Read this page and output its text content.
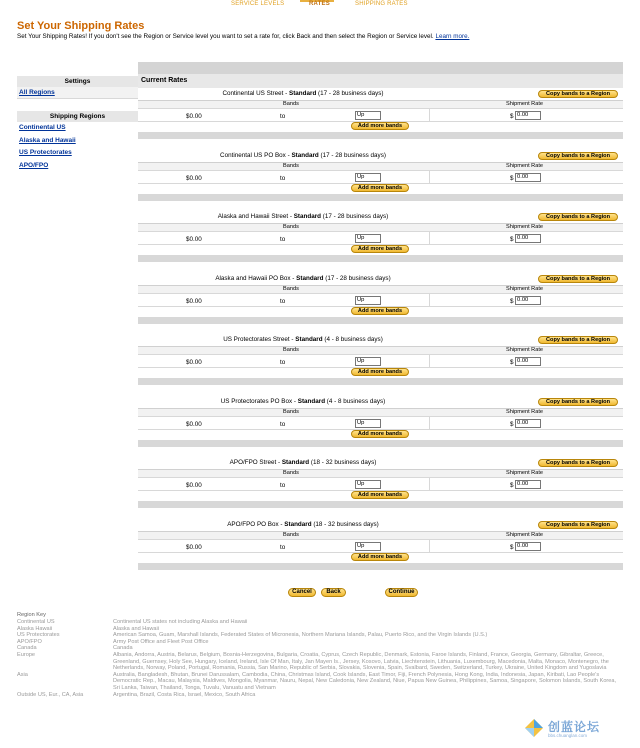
SERVICE LEVELS	RATES	SHIPPING RATES
Set Your Shipping Rates
Set Your Shipping Rates! If you don't see the Region or Service level you want to set a rate for, click Back and then select the Region or Service level. Learn more.
Settings
All Regions
Shipping Regions
Continental US
Alaska and Hawaii
US Protectorates
APO/FPO
Current Rates
Continental US Street - Standard (17 - 28 business days)	Copy bands to a Region
Bands	Shipment Rate
$0.00	to	Up	$ 0.00
Add more bands
Continental US PO Box - Standard (17 - 28 business days)	Copy bands to a Region
Bands	Shipment Rate
$0.00	to	Up	$ 0.00
Add more bands
Alaska and Hawaii Street - Standard (17 - 28 business days)	Copy bands to a Region
Bands	Shipment Rate
$0.00	to	Up	$ 0.00
Add more bands
Alaska and Hawaii PO Box - Standard (17 - 28 business days)	Copy bands to a Region
Bands	Shipment Rate
$0.00	to	Up	$ 0.00
Add more bands
US Protectorates Street - Standard (4 - 8 business days)	Copy bands to a Region
Bands	Shipment Rate
$0.00	to	Up	$ 0.00
Add more bands
US Protectorates PO Box - Standard (4 - 8 business days)	Copy bands to a Region
Bands	Shipment Rate
$0.00	to	Up	$ 0.00
Add more bands
APO/FPO Street - Standard (18 - 32 business days)	Copy bands to a Region
Bands	Shipment Rate
$0.00	to	Up	$ 0.00
Add more bands
APO/FPO PO Box - Standard (18 - 32 business days)	Copy bands to a Region
Bands	Shipment Rate
$0.00	to	Up	$ 0.00
Add more bands
Cancel	Back	Continue
Region Key
Continental US	Continental US states not including Alaska and Hawaii
Alaska Hawaii	Alaska and Hawaii
US Protectorates	American Samoa, Guam, Marshall Islands, Federated States of Micronesia, Northern Mariana Islands, Palau, Puerto Rico, and the Virgin Islands (U.S.)
APO/FPO	Army Post Office and Fleet Post Office
Canada	Canada
Europe	Albania, Andorra, Austria, Belarus, Belgium, Bosnia-Herzegovina, Bulgaria, Croatia, Cyprus, Czech Republic, Denmark, Estonia, Faroe Islands, Finland, France, Georgia, Germany, Gibraltar, Greece, Greenland, Guernsey, Holy See, Hungary, Iceland, Ireland, Isle Of Man, Italy, Jan Mayen Is., Jersey, Kosovo, Latvia, Liechtenstein, Lithuania, Luxembourg, Macedonia, Malta, Monaco, Montenegro, the Netherlands, Norway, Poland, Portugal, Romania, Russia, San Marino, Republic of Serbia, Slovakia, Slovenia, Spain, Svalbard, Sweden, Switzerland, Turkey, Ukraine, United Kingdom and Yugoslavia
Asia	Australia, Bangladesh, Bhutan, Brunei Darussalam, Cambodia, China, Christmas Island, Cook Islands, East Timor, Fiji, French Polynesia, Hong Kong, India, Indonesia, Japan, Kiribati, Lao People's Democratic Rep., Macau, Malaysia, Maldives, Mongolia, Myanmar, Nauru, Nepal, New Caledonia, New Zealand, Niue, Papua New Guinea, Philippines, Samoa, Singapore, Solomon Islands, South Korea, Sri Lanka, Taiwan, Thailand, Tonga, Tuvalu, Vanuatu and Vietnam
Outside US, Eur., CA, Asia	Argentina, Brazil, Costa Rica, Israel, Mexico, South Africa
创蓝论坛
bbs.chuanglan.com
